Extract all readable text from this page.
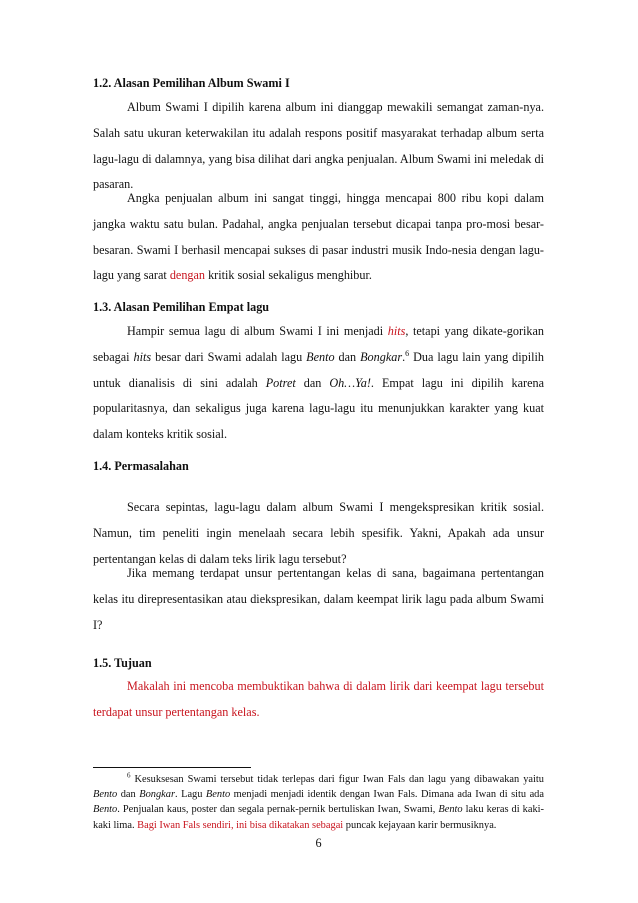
1.2. Alasan Pemilihan Album Swami I

Album Swami I dipilih karena album ini dianggap mewakili semangat zaman-nya. Salah satu ukuran keterwakilan itu adalah respons positif masyarakat terhadap album serta lagu-lagu di dalamnya, yang bisa dilihat dari angka penjualan. Album Swami ini meledak di pasaran.

Angka penjualan album ini sangat tinggi, hingga mencapai 800 ribu kopi dalam jangka waktu satu bulan. Padahal, angka penjualan tersebut dicapai tanpa pro-mosi besar-besaran. Swami I berhasil mencapai sukses di pasar industri musik Indo-nesia dengan lagu-lagu yang sarat dengan kritik sosial sekaligus menghibur.

1.3. Alasan Pemilihan Empat lagu

Hampir semua lagu di album Swami I ini menjadi hits, tetapi yang dikate-gorikan sebagai hits besar dari Swami adalah lagu Bento dan Bongkar.$^6$ Dua lagu lain yang dipilih untuk dianalisis di sini adalah Potret dan Oh…Ya!. Empat lagu ini dipilih karena popularitasnya, dan sekaligus juga karena lagu-lagu itu menunjukkan karakter yang kuat dalam konteks kritik sosial.

1.4. Permasalahan

Secara sepintas, lagu-lagu dalam album Swami I mengekspresikan kritik sosial. Namun, tim peneliti ingin menelaah secara lebih spesifik. Yakni, Apakah ada unsur pertentangan kelas di dalam teks lirik lagu tersebut?

Jika memang terdapat unsur pertentangan kelas di sana, bagaimana pertentangan kelas itu direpresentasikan atau diekspresikan, dalam keempat lirik lagu pada album Swami I?

1.5. Tujuan

Makalah ini mencoba membuktikan bahwa di dalam lirik dari keempat lagu tersebut terdapat unsur pertentangan kelas.

$^6$ Kesuksesan Swami tersebut tidak terlepas dari figur Iwan Fals dan lagu yang dibawakan yaitu Bento dan Bongkar. Lagu Bento menjadi menjadi identik dengan Iwan Fals. Dimana ada Iwan di situ ada Bento. Penjualan kaus, poster dan segala pernak-pernik bertuliskan Iwan, Swami, Bento laku keras di kaki-kaki lima. Bagi Iwan Fals sendiri, ini bisa dikatakan sebagai puncak kejayaan karir bermusiknya.

6
